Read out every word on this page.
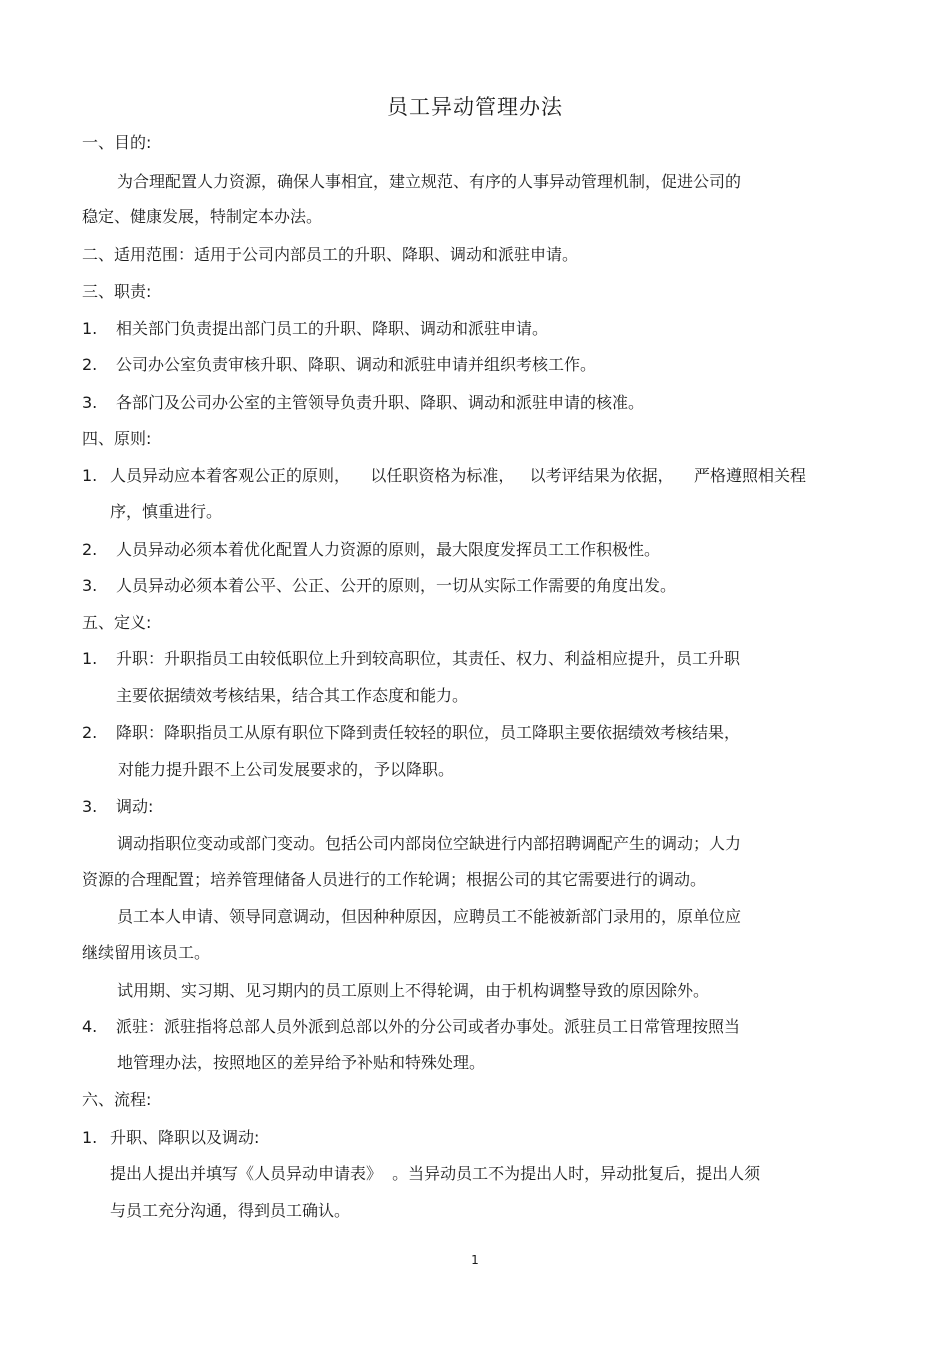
员工异动管理办法
一、目的:
为合理配置人力资源，确保人事相宜，建立规范、有序的人事异动管理机制，促进公司的
稳定、健康发展，特制定本办法。
二、适用范围：适用于公司内部员工的升职、降职、调动和派驻申请。
三、职责:
1. 相关部门负责提出部门员工的升职、降职、调动和派驻申请。
2. 公司办公室负责审核升职、降职、调动和派驻申请并组织考核工作。
3. 各部门及公司办公室的主管领导负责升职、降职、调动和派驻申请的核准。
四、原则:
1. 人员异动应本着客观公正的原则，    以任职资格为标准，   以考评结果为依据，    严格遵照相关程
序，慎重进行。
2. 人员异动必须本着优化配置人力资源的原则，最大限度发挥员工工作积极性。
3. 人员异动必须本着公平、公正、公开的原则，一切从实际工作需要的角度出发。
五、定义:
1. 升职：升职指员工由较低职位上升到较高职位，其责任、权力、利益相应提升，员工升职
主要依据绩效考核结果，结合其工作态度和能力。
2. 降职：降职指员工从原有职位下降到责任较轻的职位，员工降职主要依据绩效考核结果，
对能力提升跟不上公司发展要求的，予以降职。
3. 调动:
调动指职位变动或部门变动。包括公司内部岗位空缺进行内部招聘调配产生的调动；人力
资源的合理配置；培养管理储备人员进行的工作轮调；根据公司的其它需要进行的调动。
员工本人申请、领导同意调动，但因种种原因，应聘员工不能被新部门录用的，原单位应
继续留用该员工。
试用期、实习期、见习期内的员工原则上不得轮调，由于机构调整导致的原因除外。
4. 派驻：派驻指将总部人员外派到总部以外的分公司或者办事处。派驻员工日常管理按照当
地管理办法，按照地区的差异给予补贴和特殊处理。
六、流程:
1. 升职、降职以及调动:
提出人提出并填写《人员异动申请表》  。当异动员工不为提出人时，异动批复后，提出人须
与员工充分沟通，得到员工确认。
1
